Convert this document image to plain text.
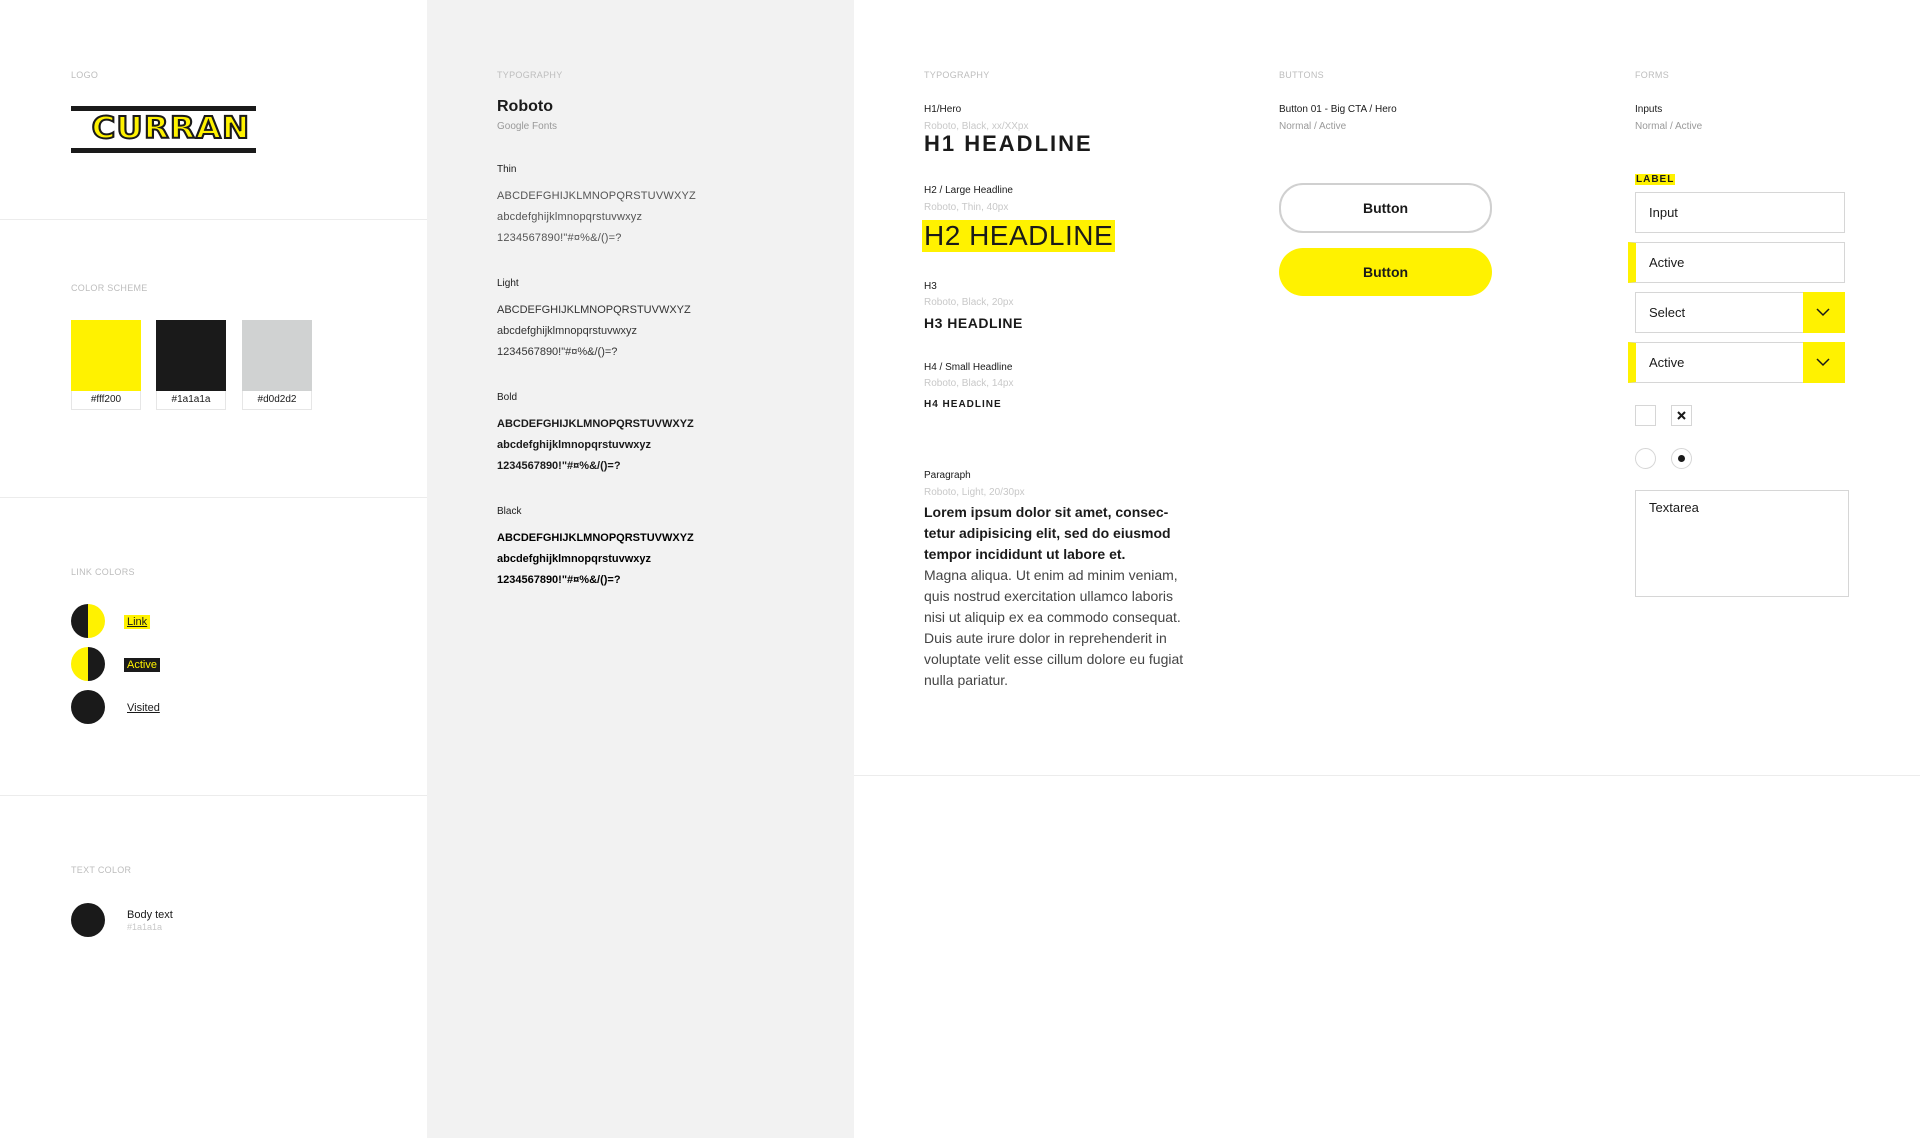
LOGO
CURRAN
COLOR SCHEME
#fff200	#1a1a1a	#d0d2d2
LINK COLORS
Link
Active
Visited
TEXT COLOR
Body text
#1a1a1a
TYPOGRAPHY
Roboto
Google Fonts
Thin
ABCDEFGHIJKLMNOPQRSTUVWXYZ
abcdefghijklmnopqrstuvwxyz
1234567890!"#¤%&/()=?
Light
ABCDEFGHIJKLMNOPQRSTUVWXYZ
abcdefghijklmnopqrstuvwxyz
1234567890!"#¤%&/()=?
Bold
ABCDEFGHIJKLMNOPQRSTUVWXYZ
abcdefghijklmnopqrstuvwxyz
1234567890!"#¤%&/()=?
Black
ABCDEFGHIJKLMNOPQRSTUVWXYZ
abcdefghijklmnopqrstuvwxyz
1234567890!"#¤%&/()=?
TYPOGRAPHY
H1/Hero
Roboto, Black, xx/XXpx
H1 HEADLINE
H2 / Large Headline
Roboto, Thin, 40px
H2 HEADLINE
H3
Roboto, Black, 20px
H3 HEADLINE
H4 / Small Headline
Roboto, Black, 14px
H4 HEADLINE
Paragraph
Roboto, Light, 20/30px
Lorem ipsum dolor sit amet, consec-tetur adipisicing elit, sed do eiusmod tempor incididunt ut labore et.
Magna aliqua. Ut enim ad minim veniam, quis nostrud exercitation ullamco laboris nisi ut aliquip ex ea commodo consequat. Duis aute irure dolor in reprehenderit in voluptate velit esse cillum dolore eu fugiat nulla pariatur.
BUTTONS
Button 01 - Big CTA / Hero
Normal / Active
Button
Button
FORMS
Inputs
Normal / Active
LABEL
Input
Active
Select
Active
Textarea
